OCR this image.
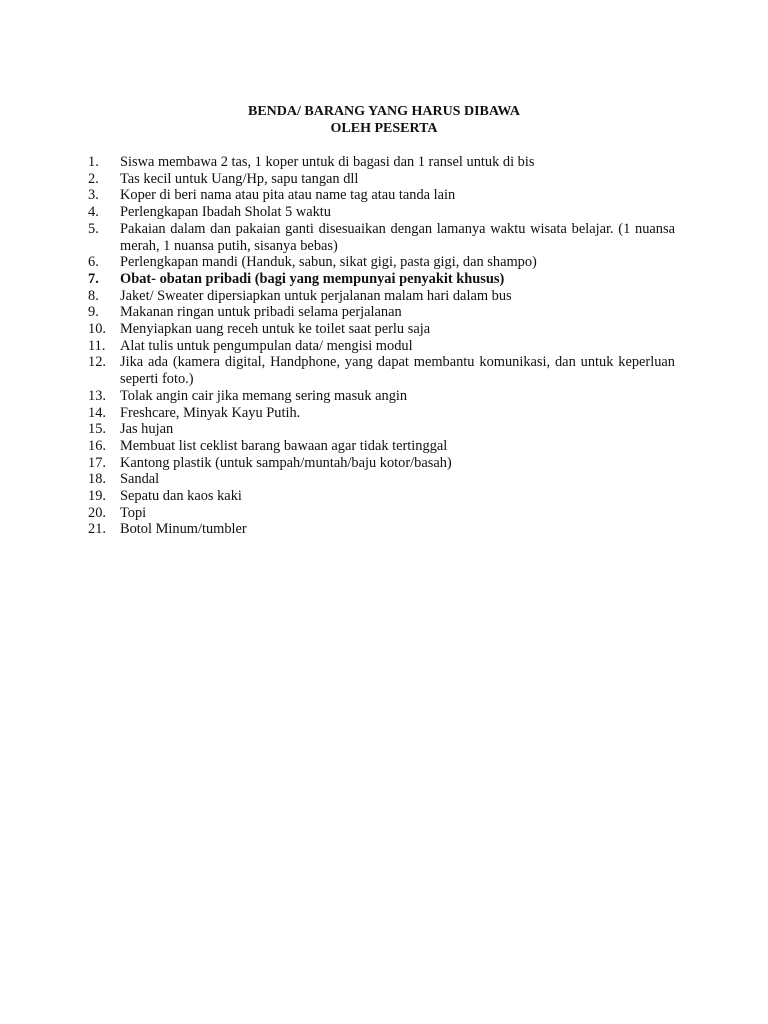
BENDA/ BARANG YANG HARUS DIBAWA
OLEH PESERTA
1.	Siswa membawa 2 tas, 1 koper untuk di bagasi dan 1 ransel untuk di bis
2.	Tas kecil untuk Uang/Hp, sapu tangan dll
3.	Koper di beri nama atau pita atau name tag atau tanda lain
4.	Perlengkapan Ibadah Sholat 5 waktu
5.	Pakaian dalam dan pakaian ganti disesuaikan dengan lamanya waktu wisata belajar. (1 nuansa merah, 1 nuansa putih, sisanya bebas)
6.	Perlengkapan mandi (Handuk, sabun, sikat gigi, pasta gigi, dan shampo)
7.	Obat- obatan pribadi (bagi yang mempunyai penyakit khusus)
8.	Jaket/ Sweater dipersiapkan untuk perjalanan malam hari dalam bus
9.	Makanan ringan untuk pribadi selama perjalanan
10. Menyiapkan uang receh untuk ke toilet saat perlu saja
11.	Alat tulis untuk pengumpulan data/ mengisi modul
12. Jika ada (kamera digital, Handphone, yang dapat membantu komunikasi, dan untuk keperluan seperti foto.)
13. Tolak angin cair jika memang sering masuk angin
14. Freshcare, Minyak Kayu Putih.
15. Jas hujan
16. Membuat list ceklist barang bawaan agar tidak tertinggal
17. Kantong plastik (untuk sampah/muntah/baju kotor/basah)
18. Sandal
19. Sepatu dan kaos kaki
20. Topi
21. Botol Minum/tumbler
